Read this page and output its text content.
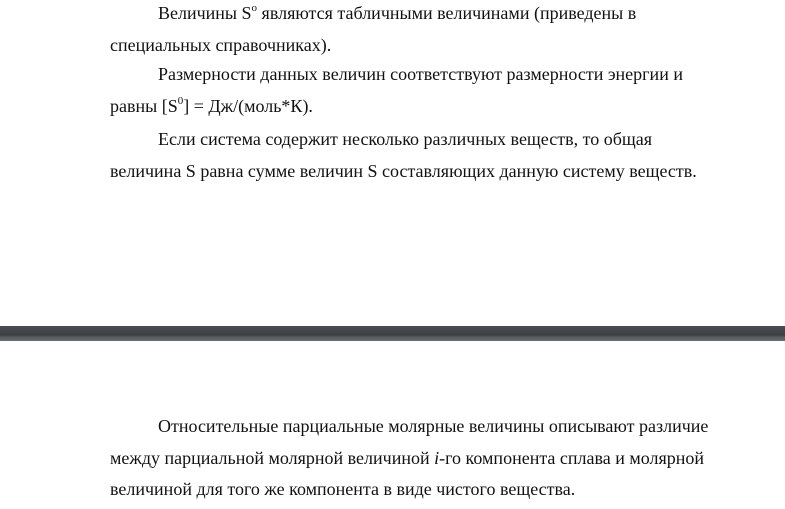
Величины $S^o$ являются табличными величинами (приведены в
специальных справочниках).

Размерности данных величин соответствуют размерности энергии и
равны $[S^0]$ = Дж/(моль*К).

Если система содержит несколько различных веществ, то общая
величина S равна сумме величин S составляющих данную систему веществ.

Относительные парциальные молярные величины описывают различие
между парциальной молярной величиной i-го компонента сплава и молярной
величиной для того же компонента в виде чистого вещества.
